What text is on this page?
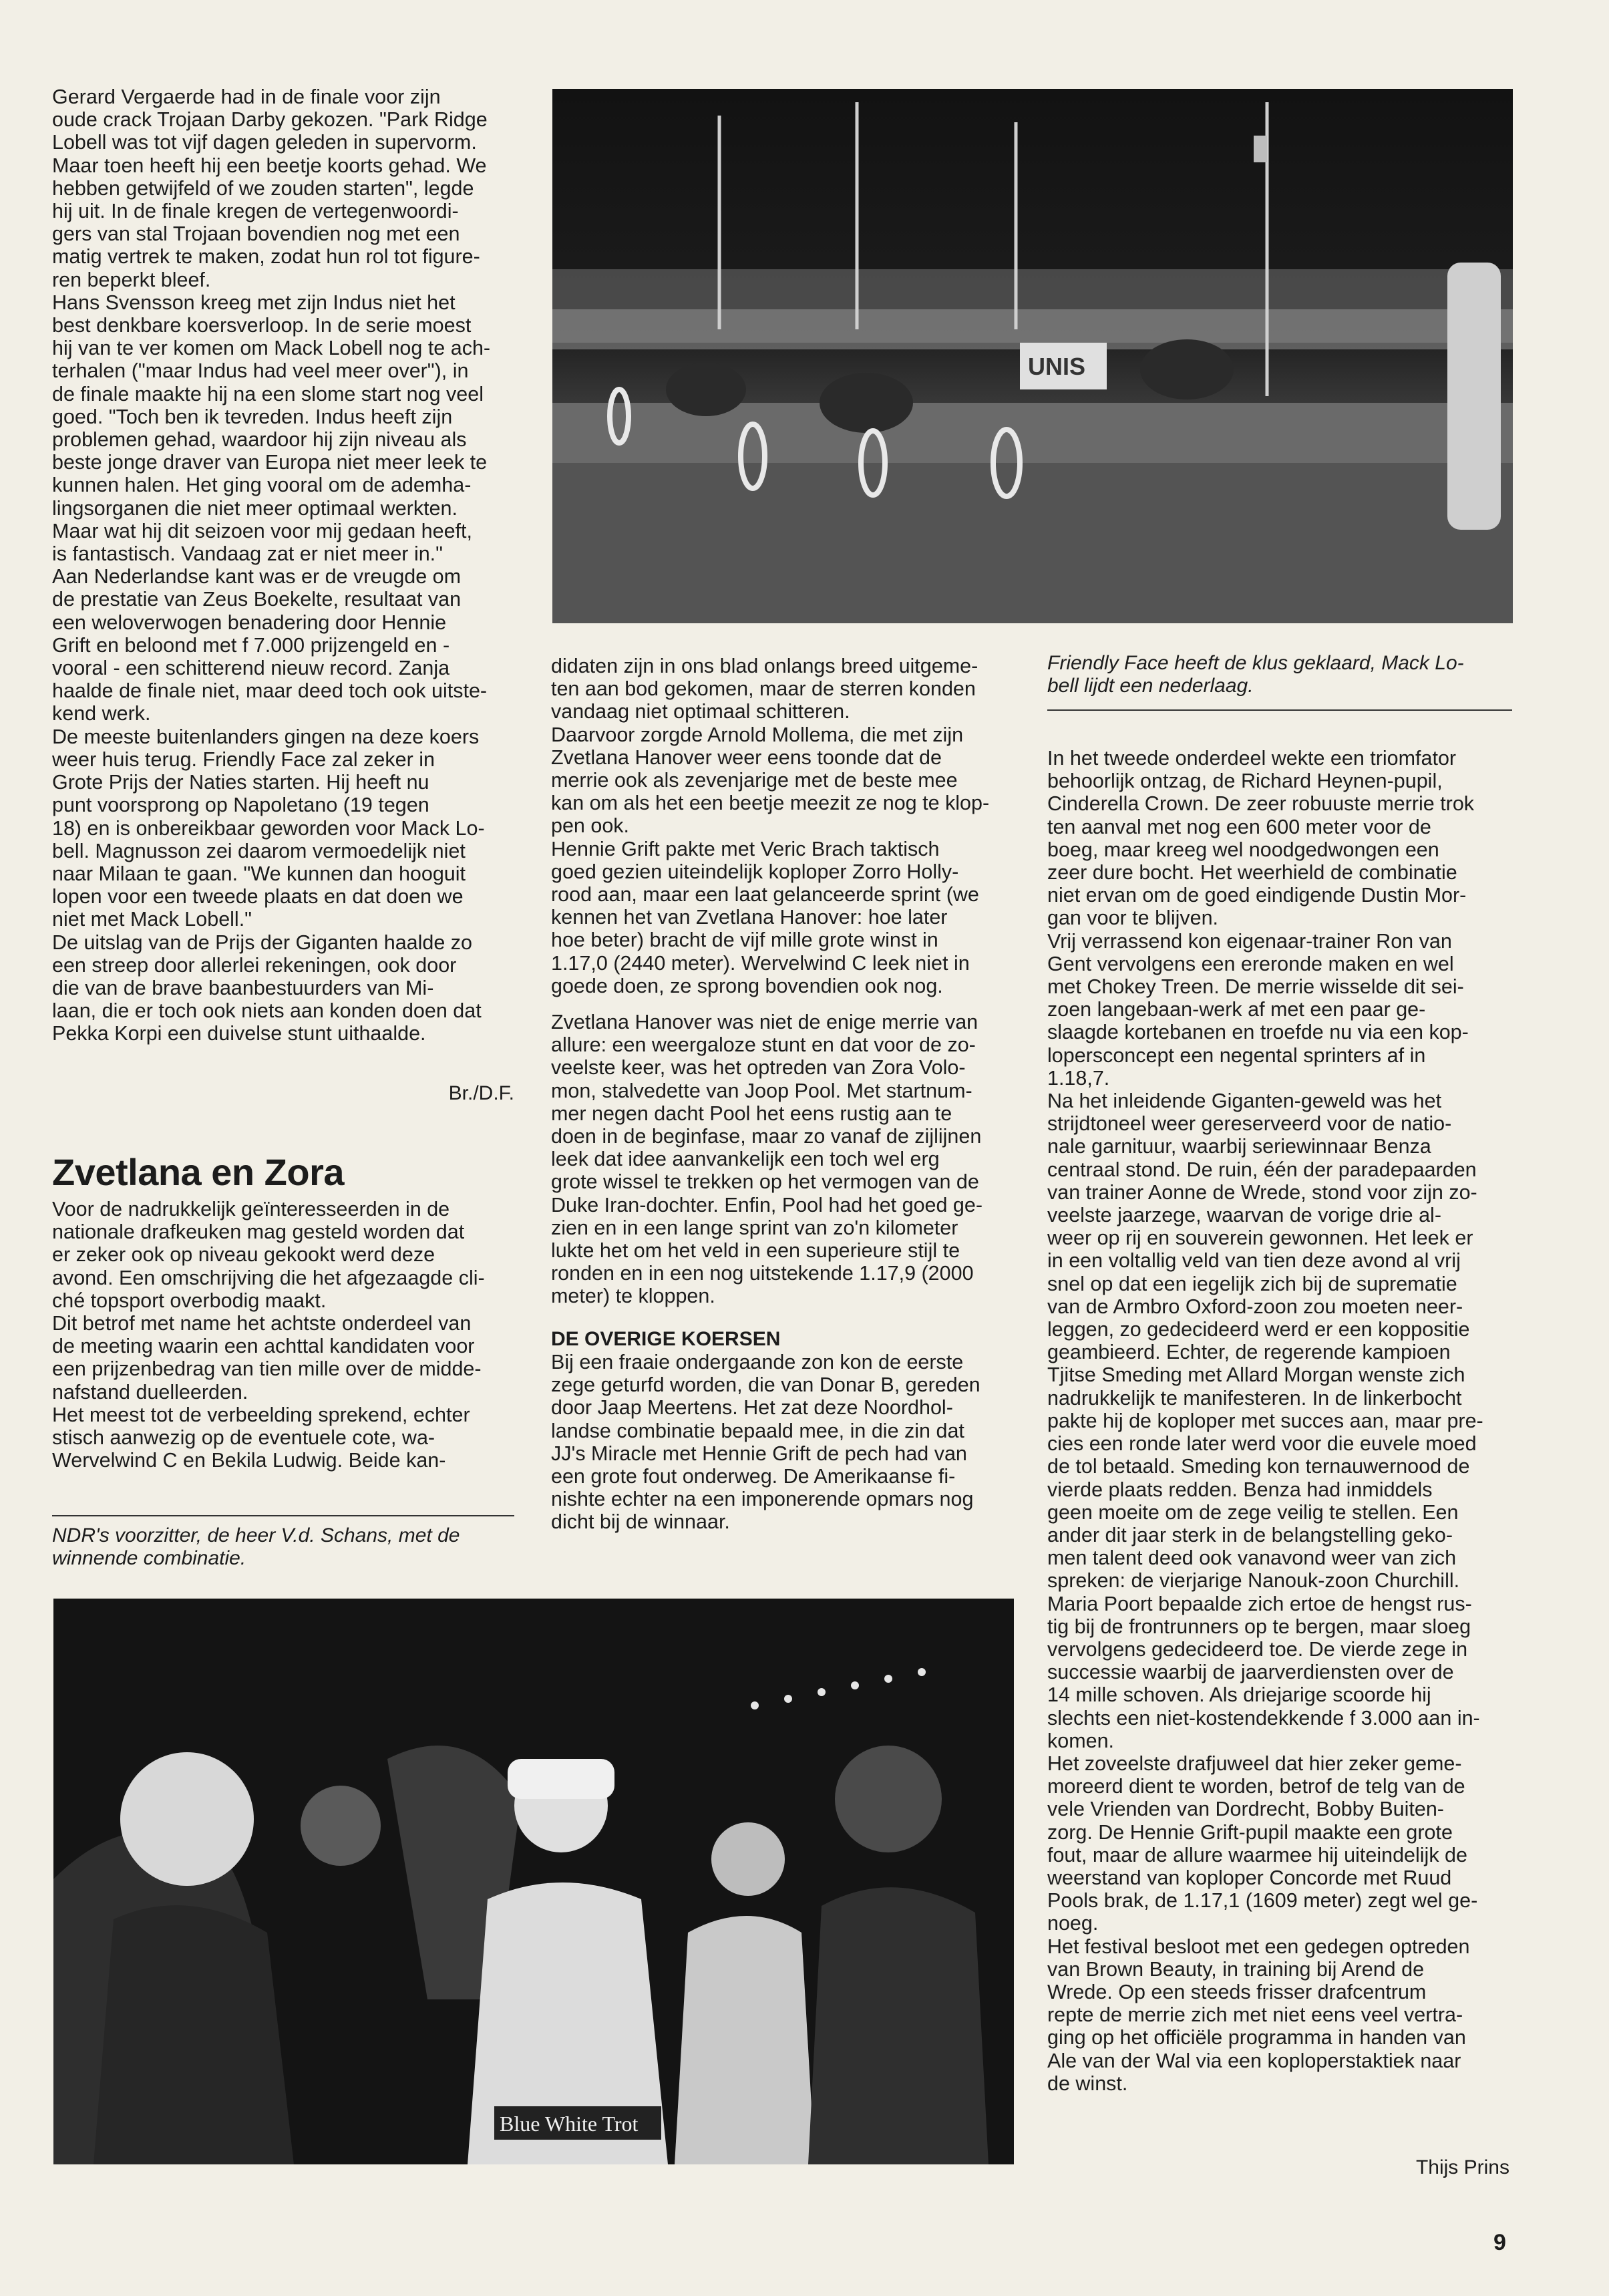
Gerard Vergaerde had in de finale voor zijn
oude crack Trojaan Darby gekozen. "Park Ridge
Lobell was tot vijf dagen geleden in supervorm.
Maar toen heeft hij een beetje koorts gehad. We
hebben getwijfeld of we zouden starten", legde
hij uit. In de finale kregen de vertegenwoordi-
gers van stal Trojaan bovendien nog met een
matig vertrek te maken, zodat hun rol tot figure-
ren beperkt bleef.
Hans Svensson kreeg met zijn Indus niet het
best denkbare koersverloop. In de serie moest
hij van te ver komen om Mack Lobell nog te ach-
terhalen ("maar Indus had veel meer over"), in
de finale maakte hij na een slome start nog veel
goed. "Toch ben ik tevreden. Indus heeft zijn
problemen gehad, waardoor hij zijn niveau als
beste jonge draver van Europa niet meer leek te
kunnen halen. Het ging vooral om de ademha-
lingsorganen die niet meer optimaal werkten.
Maar wat hij dit seizoen voor mij gedaan heeft,
is fantastisch. Vandaag zat er niet meer in."
Aan Nederlandse kant was er de vreugde om
de prestatie van Zeus Boekelte, resultaat van
een weloverwogen benadering door Hennie
Grift en beloond met f 7.000 prijzengeld en -
vooral - een schitterend nieuw record. Zanja
haalde de finale niet, maar deed toch ook uitste-
kend werk.
De meeste buitenlanders gingen na deze koers
weer huis terug. Friendly Face zal zeker in
Grote Prijs der Naties starten. Hij heeft nu
punt voorsprong op Napoletano (19 tegen
18) en is onbereikbaar geworden voor Mack Lo-
bell. Magnusson zei daarom vermoedelijk niet
naar Milaan te gaan. "We kunnen dan hooguit
lopen voor een tweede plaats en dat doen we
niet met Mack Lobell."
De uitslag van de Prijs der Giganten haalde zo
een streep door allerlei rekeningen, ook door
die van de brave baanbestuurders van Mi-
laan, die er toch ook niets aan konden doen dat
Pekka Korpi een duivelse stunt uithaalde.

Br./D.F.
Zvetlana en Zora

Voor de nadrukkelijk geïnteresseerden in de
nationale drafkeuken mag gesteld worden dat
er zeker ook op niveau gekookt werd deze
avond. Een omschrijving die het afgezaagde cli-
ché topsport overbodig maakt.
Dit betrof met name het achtste onderdeel van
de meeting waarin een achttal kandidaten voor
een prijzenbedrag van tien mille over de midde-
nafstand duelleerden.
Het meest tot de verbeelding sprekend, echter
stisch aanwezig op de eventuele cote, wa-
Wervelwind C en Bekila Ludwig. Beide kan-

NDR's voorzitter, de heer V.d. Schans, met de
winnende combinatie.
UNIS
Friendly Face heeft de klus geklaard, Mack Lo-
bell lijdt een nederlaag.

didaten zijn in ons blad onlangs breed uitgeme-
ten aan bod gekomen, maar de sterren konden
vandaag niet optimaal schitteren.
Daarvoor zorgde Arnold Mollema, die met zijn
Zvetlana Hanover weer eens toonde dat de
merrie ook als zevenjarige met de beste mee
kan om als het een beetje meezit ze nog te klop-
pen ook.
Hennie Grift pakte met Veric Brach taktisch
goed gezien uiteindelijk koploper Zorro Holly-
rood aan, maar een laat gelanceerde sprint (we
kennen het van Zvetlana Hanover: hoe later
hoe beter) bracht de vijf mille grote winst in
1.17,0 (2440 meter). Wervelwind C leek niet in
goede doen, ze sprong bovendien ook nog.

Zvetlana Hanover was niet de enige merrie van
allure: een weergaloze stunt en dat voor de zo-
veelste keer, was het optreden van Zora Volo-
mon, stalvedette van Joop Pool. Met startnum-
mer negen dacht Pool het eens rustig aan te
doen in de beginfase, maar zo vanaf de zijlijnen
leek dat idee aanvankelijk een toch wel erg
grote wissel te trekken op het vermogen van de
Duke Iran-dochter. Enfin, Pool had het goed ge-
zien en in een lange sprint van zo'n kilometer
lukte het om het veld in een superieure stijl te
ronden en in een nog uitstekende 1.17,9 (2000
meter) te kloppen.

DE OVERIGE KOERSEN

Bij een fraaie ondergaande zon kon de eerste
zege geturfd worden, die van Donar B, gereden
door Jaap Meertens. Het zat deze Noordhol-
landse combinatie bepaald mee, in die zin dat
JJ's Miracle met Hennie Grift de pech had van
een grote fout onderweg. De Amerikaanse fi-
nishte echter na een imponerende opmars nog
dicht bij de winnaar.

In het tweede onderdeel wekte een triomfator
behoorlijk ontzag, de Richard Heynen-pupil,
Cinderella Crown. De zeer robuuste merrie trok
ten aanval met nog een 600 meter voor de
boeg, maar kreeg wel noodgedwongen een
zeer dure bocht. Het weerhield de combinatie
niet ervan om de goed eindigende Dustin Mor-
gan voor te blijven.
Vrij verrassend kon eigenaar-trainer Ron van
Gent vervolgens een ereronde maken en wel
met Chokey Treen. De merrie wisselde dit sei-
zoen langebaan-werk af met een paar ge-
slaagde kortebanen en troefde nu via een kop-
lopersconcept een negental sprinters af in
1.18,7.
Na het inleidende Giganten-geweld was het
strijdtoneel weer gereserveerd voor de natio-
nale garnituur, waarbij seriewinnaar Benza
centraal stond. De ruin, één der paradepaarden
van trainer Aonne de Wrede, stond voor zijn zo-
veelste jaarzege, waarvan de vorige drie al-
weer op rij en souverein gewonnen. Het leek er
in een voltallig veld van tien deze avond al vrij
snel op dat een iegelijk zich bij de suprematie
van de Armbro Oxford-zoon zou moeten neer-
leggen, zo gedecideerd werd er een koppositie
geambieerd. Echter, de regerende kampioen
Tjitse Smeding met Allard Morgan wenste zich
nadrukkelijk te manifesteren. In de linkerbocht
pakte hij de koploper met succes aan, maar pre-
cies een ronde later werd voor die euvele moed
de tol betaald. Smeding kon ternauwernood de
vierde plaats redden. Benza had inmiddels
geen moeite om de zege veilig te stellen. Een
ander dit jaar sterk in de belangstelling geko-
men talent deed ook vanavond weer van zich
spreken: de vierjarige Nanouk-zoon Churchill.
Maria Poort bepaalde zich ertoe de hengst rus-
tig bij de frontrunners op te bergen, maar sloeg
vervolgens gedecideerd toe. De vierde zege in
successie waarbij de jaarverdiensten over de
14 mille schoven. Als driejarige scoorde hij
slechts een niet-kostendekkende f 3.000 aan in-
komen.
Het zoveelste drafjuweel dat hier zeker geme-
moreerd dient te worden, betrof de telg van de
vele Vrienden van Dordrecht, Bobby Buiten-
zorg. De Hennie Grift-pupil maakte een grote
fout, maar de allure waarmee hij uiteindelijk de
weerstand van koploper Concorde met Ruud
Pools brak, de 1.17,1 (1609 meter) zegt wel ge-
noeg.
Het festival besloot met een gedegen optreden
van Brown Beauty, in training bij Arend de
Wrede. Op een steeds frisser drafcentrum
repte de merrie zich met niet eens veel vertra-
ging op het officiële programma in handen van
Ale van der Wal via een koploperstaktiek naar
de winst.

Thijs Prins
Blue White Trot
9
